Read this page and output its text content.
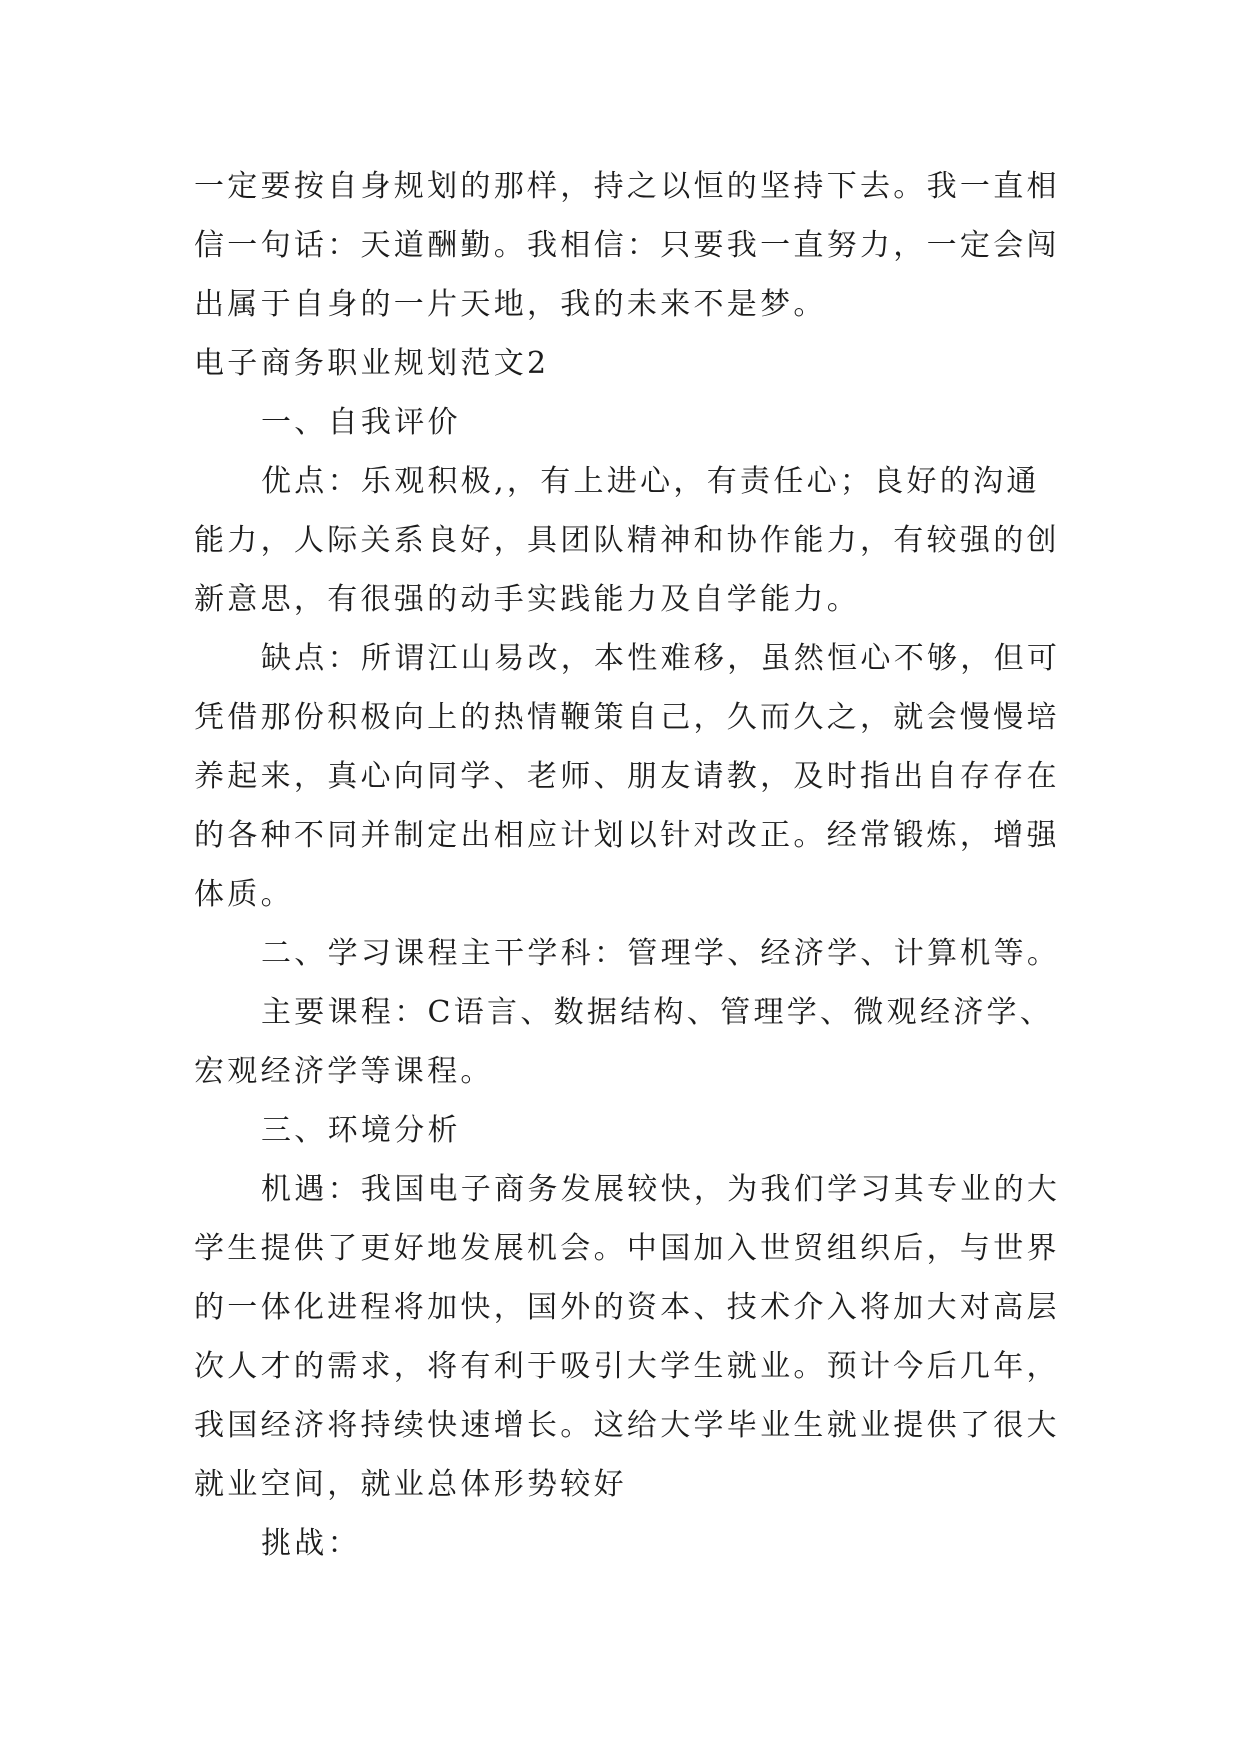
一定要按自身规划的那样，持之以恒的坚持下去。我一直相
信一句话：天道酬勤。我相信：只要我一直努力，一定会闯
出属于自身的一片天地，我的未来不是梦。
电子商务职业规划范文2
一、自我评价
优点：乐观积极,，有上进心，有责任心；良好的沟通
能力，人际关系良好，具团队精神和协作能力，有较强的创
新意思，有很强的动手实践能力及自学能力。
缺点：所谓江山易改，本性难移，虽然恒心不够，但可
凭借那份积极向上的热情鞭策自己，久而久之，就会慢慢培
养起来，真心向同学、老师、朋友请教，及时指出自存存在
的各种不同并制定出相应计划以针对改正。经常锻炼，增强
体质。
二、学习课程主干学科：管理学、经济学、计算机等。
主要课程：C语言、数据结构、管理学、微观经济学、
宏观经济学等课程。
三、环境分析
机遇：我国电子商务发展较快，为我们学习其专业的大
学生提供了更好地发展机会。中国加入世贸组织后，与世界
的一体化进程将加快，国外的资本、技术介入将加大对高层
次人才的需求，将有利于吸引大学生就业。预计今后几年，
我国经济将持续快速增长。这给大学毕业生就业提供了很大
就业空间，就业总体形势较好
挑战：
